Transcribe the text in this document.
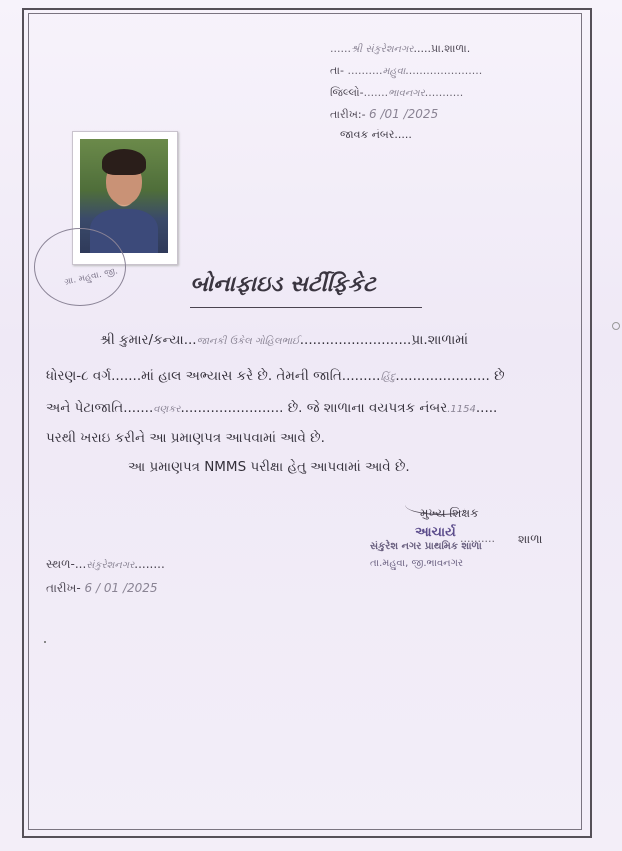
......શ્રી સંકુરેશનગર.....પ્રા.શાળા.
તા- ..........મહુવા......................
જિલ્લો-.......ભાવનગર...........
તારીખ:- 6 /01 /2025
જાવક નંબર.....
ગ્રા. મહુવા. જી.	બોનાફાઇડ સર્ટીફિકેટ
શ્રી કુમાર/કન્યા...જાનકી ઉકેલ ગોહિલભાઈ..........................પ્રા.શાળામાં
ધોરણ-૮ વર્ગ.......માં હાલ અભ્યાસ કરે છે. તેમની જાતિ.........હિંદુ...................... છે
અને પેટાજાતિ.......વણકર........................ છે. જે શાળાના વયપત્રક નંબર.1154.....
પરથી ખરાઇ કરીને આ પ્રમાણપત્ર આપવામાં આવે છે.
આ પ્રમાણપત્ર NMMS પરીક્ષા હેતુ આપવામાં આવે છે.
મુખ્ય શિક્ષક
આચાર્ય .......... શાળા
સંકુરેશ નગર પ્રાથમિક શાળા
તા.મહુવા, જી.ભાવનગર
સ્થળ-...સંકુરેશનગર........
તારીખ- 6 / 01 /2025
